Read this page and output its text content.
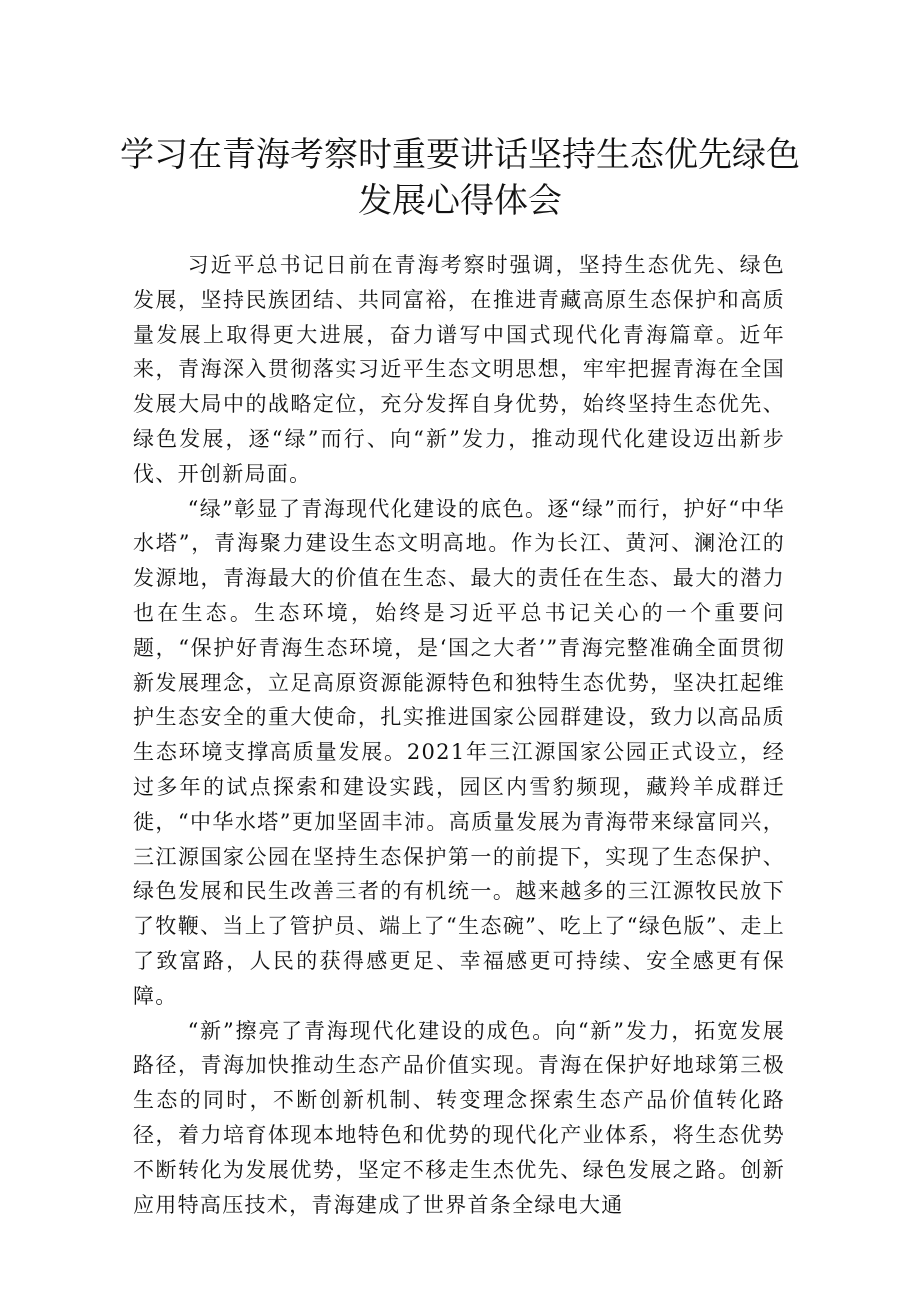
学习在青海考察时重要讲话坚持生态优先绿色发展心得体会

习近平总书记日前在青海考察时强调，坚持生态优先、绿色发展，坚持民族团结、共同富裕，在推进青藏高原生态保护和高质量发展上取得更大进展，奋力谱写中国式现代化青海篇章。近年来，青海深入贯彻落实习近平生态文明思想，牢牢把握青海在全国发展大局中的战略定位，充分发挥自身优势，始终坚持生态优先、绿色发展，逐“绿”而行、向“新”发力，推动现代化建设迈出新步伐、开创新局面。

“绿”彰显了青海现代化建设的底色。逐“绿”而行，护好“中华水塔”，青海聚力建设生态文明高地。作为长江、黄河、澜沧江的发源地，青海最大的价值在生态、最大的责任在生态、最大的潜力也在生态。生态环境，始终是习近平总书记关心的一个重要问题，“保护好青海生态环境，是‘国之大者’”青海完整准确全面贯彻新发展理念，立足高原资源能源特色和独特生态优势，坚决扛起维护生态安全的重大使命，扎实推进国家公园群建设，致力以高品质生态环境支撑高质量发展。2021年三江源国家公园正式设立，经过多年的试点探索和建设实践，园区内雪豹频现，藏羚羊成群迁徙，“中华水塔”更加坚固丰沛。高质量发展为青海带来绿富同兴，三江源国家公园在坚持生态保护第一的前提下，实现了生态保护、绿色发展和民生改善三者的有机统一。越来越多的三江源牧民放下了牧鞭、当上了管护员、端上了“生态碗”、吃上了“绿色版”、走上了致富路，人民的获得感更足、幸福感更可持续、安全感更有保障。

“新”擦亮了青海现代化建设的成色。向“新”发力，拓宽发展路径，青海加快推动生态产品价值实现。青海在保护好地球第三极生态的同时，不断创新机制、转变理念探索生态产品价值转化路径，着力培育体现本地特色和优势的现代化产业体系，将生态优势不断转化为发展优势，坚定不移走生杰优先、绿色发展之路。创新应用特高压技术，青海建成了世界首条全绿电大通
